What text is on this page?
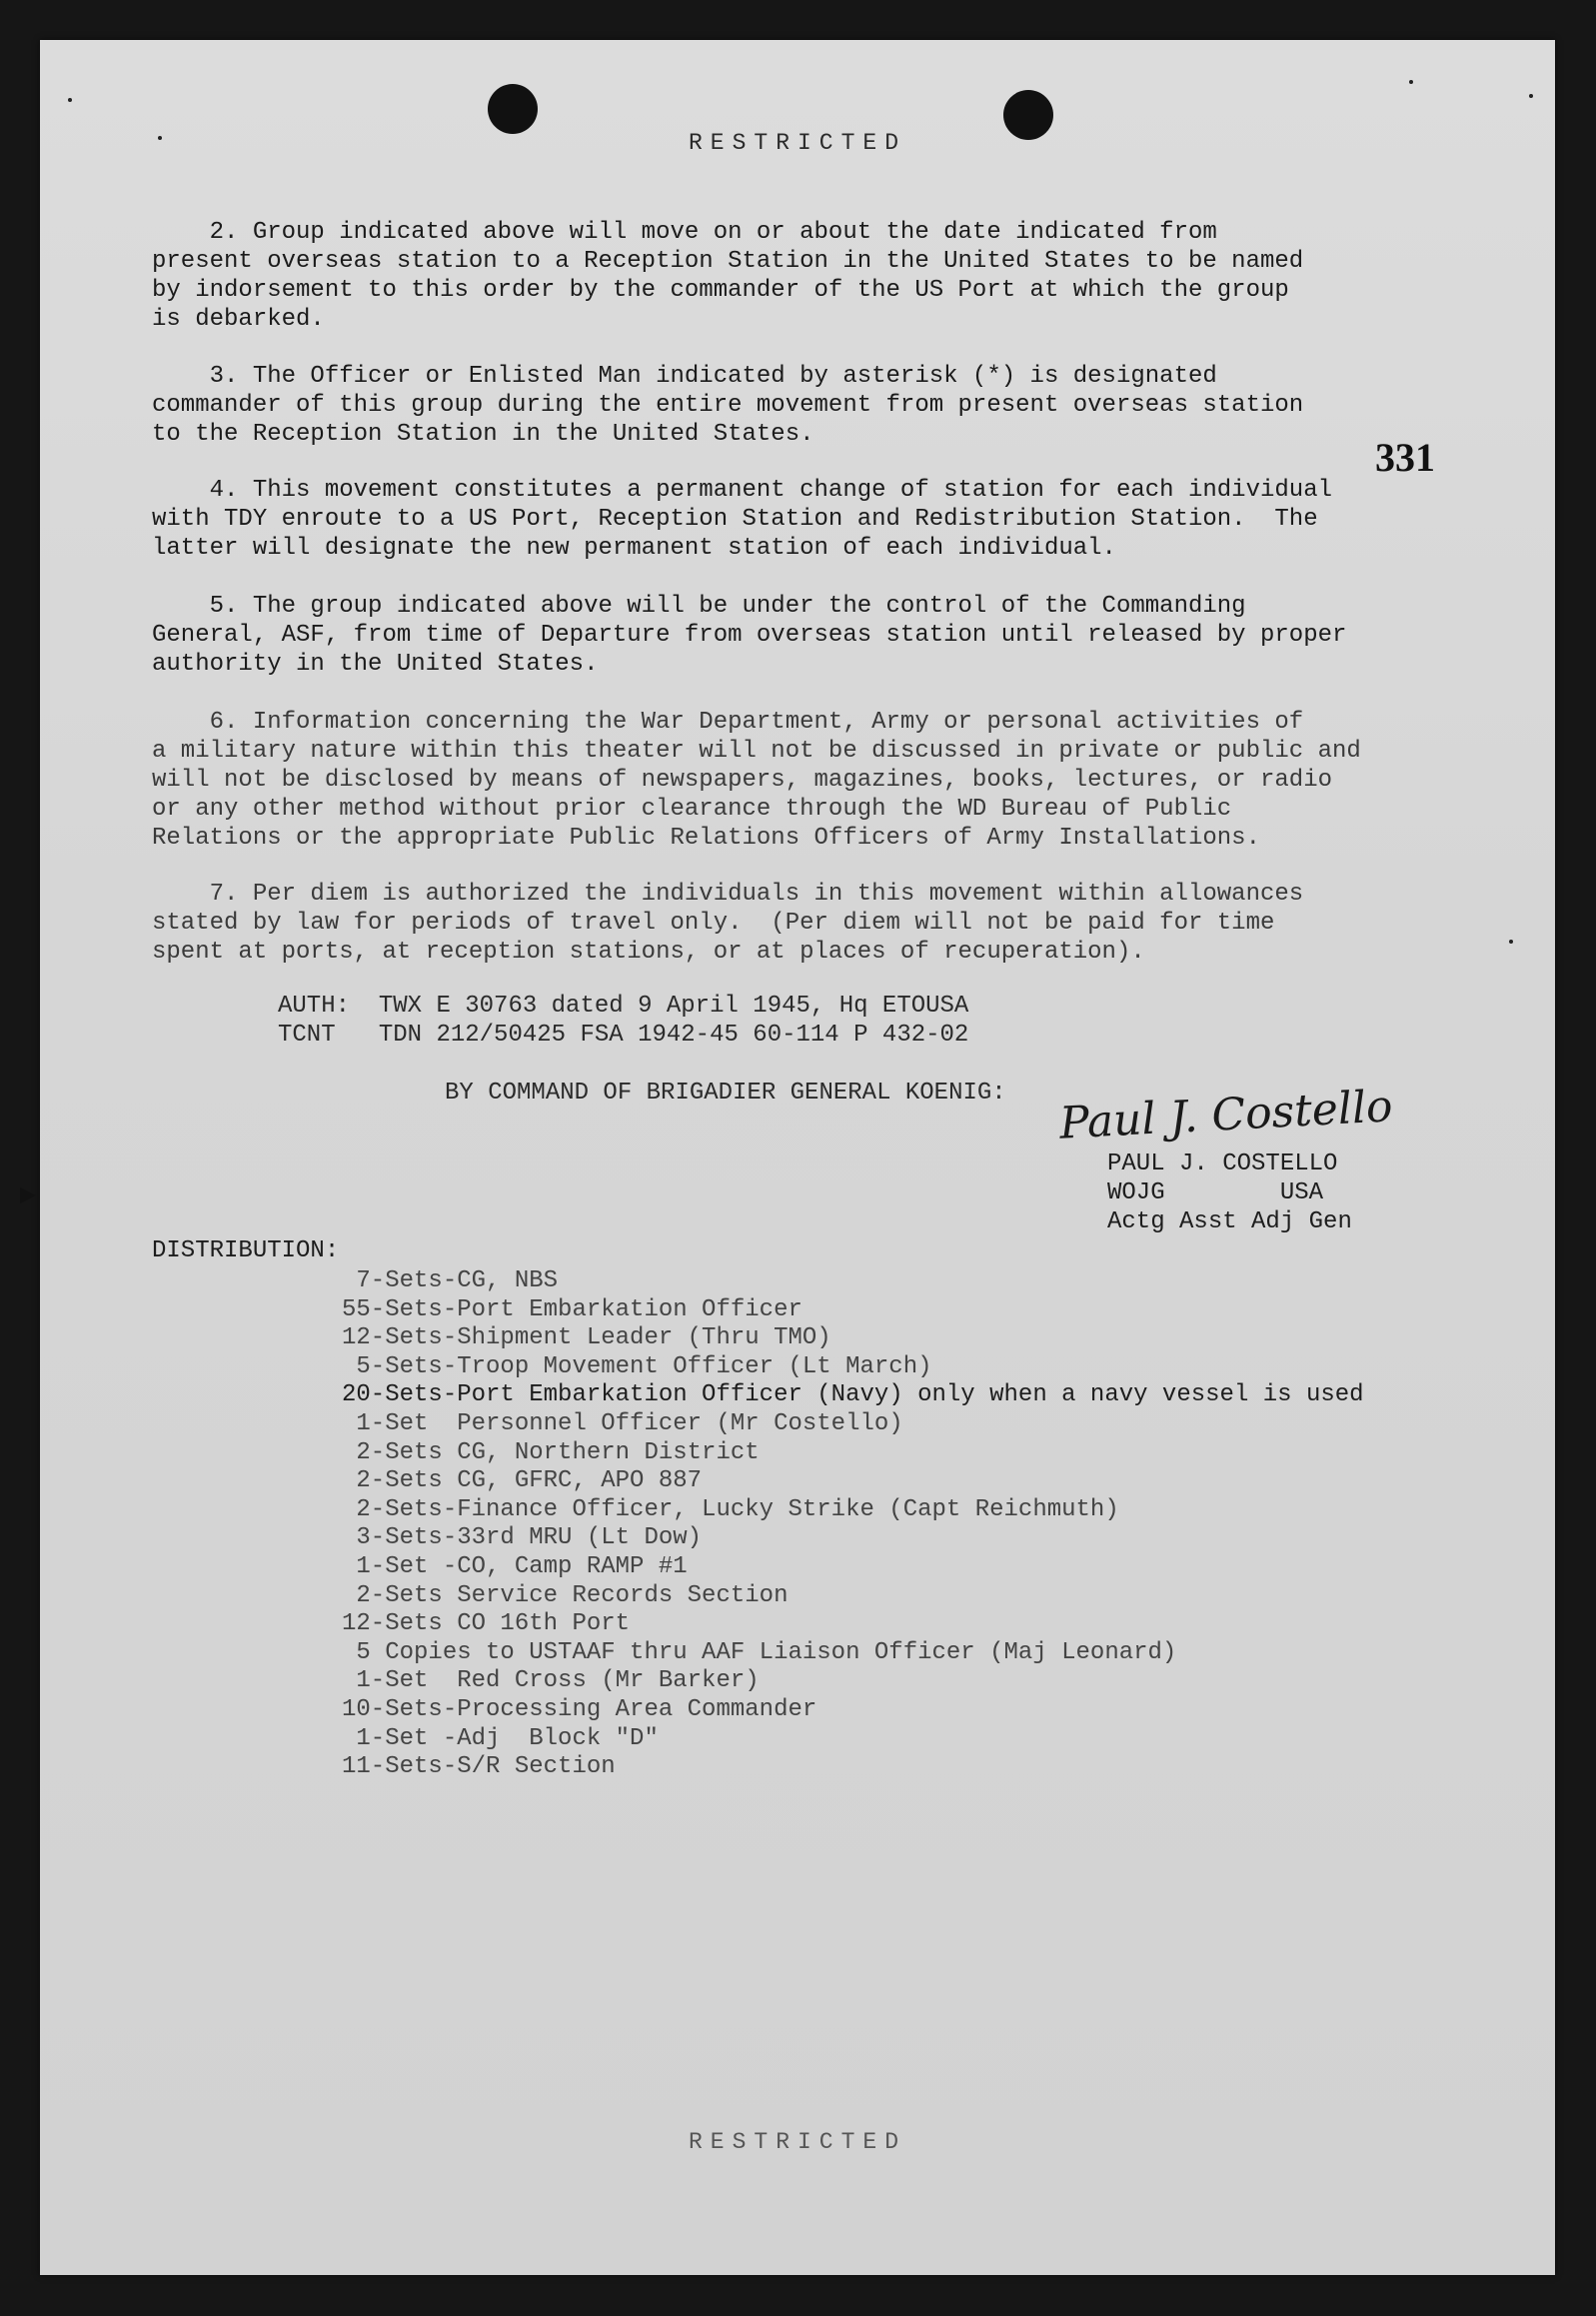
RESTRICTED
331
2. Group indicated above will move on or about the date indicated from
present overseas station to a Reception Station in the United States to be named
by indorsement to this order by the commander of the US Port at which the group
is debarked.
3. The Officer or Enlisted Man indicated by asterisk (*) is designated
commander of this group during the entire movement from present overseas station
to the Reception Station in the United States.
4. This movement constitutes a permanent change of station for each individual
with TDY enroute to a US Port, Reception Station and Redistribution Station.  The
latter will designate the new permanent station of each individual.
5. The group indicated above will be under the control of the Commanding
General, ASF, from time of Departure from overseas station until released by proper
authority in the United States.
6. Information concerning the War Department, Army or personal activities of
a military nature within this theater will not be discussed in private or public and
will not be disclosed by means of newspapers, magazines, books, lectures, or radio
or any other method without prior clearance through the WD Bureau of Public
Relations or the appropriate Public Relations Officers of Army Installations.
7. Per diem is authorized the individuals in this movement within allowances
stated by law for periods of travel only.  (Per diem will not be paid for time
spent at ports, at reception stations, or at places of recuperation).
AUTH: TWX E 30763 dated 9 April 1945, Hq ETOUSA
TCNT TDN 212/50425 FSA 1942-45 60-114 P 432-02
BY COMMAND OF BRIGADIER GENERAL KOENIG: Paul J. Costello
PAUL J. COSTELLO
WOJG	USA
Actg Asst Adj Gen
DISTRIBUTION:
7-Sets-CG, NBS
55-Sets-Port Embarkation Officer
12-Sets-Shipment Leader (Thru TMO)
5-Sets-Troop Movement Officer (Lt March)
20-Sets-Port Embarkation Officer (Navy) only when a navy vessel is used
1-Set  Personnel Officer (Mr Costello)
2-Sets CG, Northern District
2-Sets CG, GFRC, APO 887
2-Sets-Finance Officer, Lucky Strike (Capt Reichmuth)
3-Sets-33rd MRU (Lt Dow)
1-Set -CO, Camp RAMP #1
2-Sets Service Records Section
12-Sets CO 16th Port
5 Copies to USTAAF thru AAF Liaison Officer (Maj Leonard)
1-Set  Red Cross (Mr Barker)
10-Sets-Processing Area Commander
1-Set -Adj  Block "D"
11-Sets-S/R Section
RESTRICTED
